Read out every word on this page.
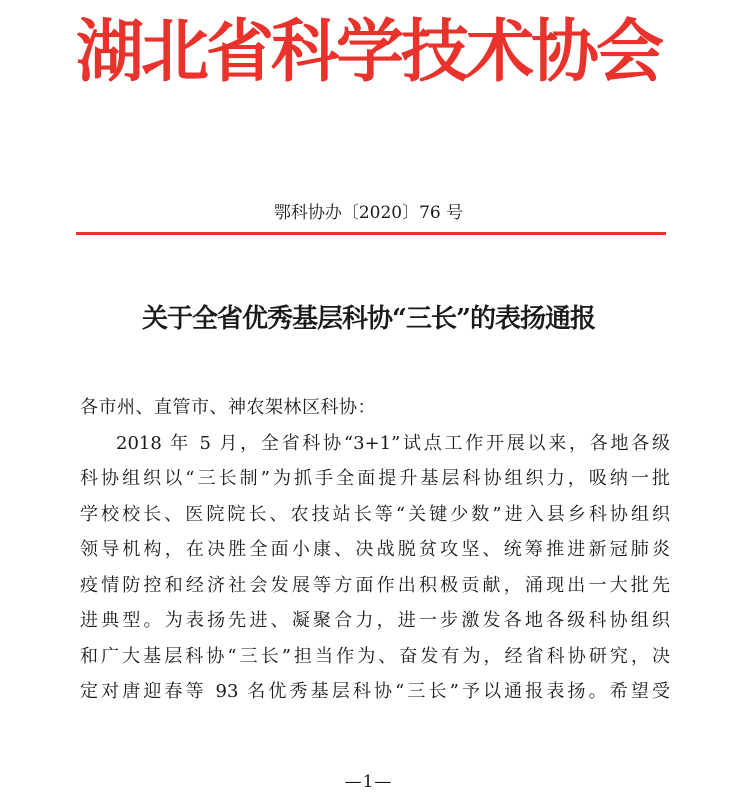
湖北省科学技术协会
鄂科协办〔2020〕76 号
关于全省优秀基层科协“三长”的表扬通报
各市州、直管市、神农架林区科协：
2018 年 5 月，全省科协“3+1”试点工作开展以来，各地各级
科协组织以“三长制”为抓手全面提升基层科协组织力，吸纳一批
学校校长、医院院长、农技站长等“关键少数”进入县乡科协组织
领导机构，在决胜全面小康、决战脱贫攻坚、统筹推进新冠肺炎
疫情防控和经济社会发展等方面作出积极贡献，涌现出一大批先
进典型。为表扬先进、凝聚合力，进一步激发各地各级科协组织
和广大基层科协“三长”担当作为、奋发有为，经省科协研究，决
定对唐迎春等 93 名优秀基层科协“三长”予以通报表扬。希望受
—1—
